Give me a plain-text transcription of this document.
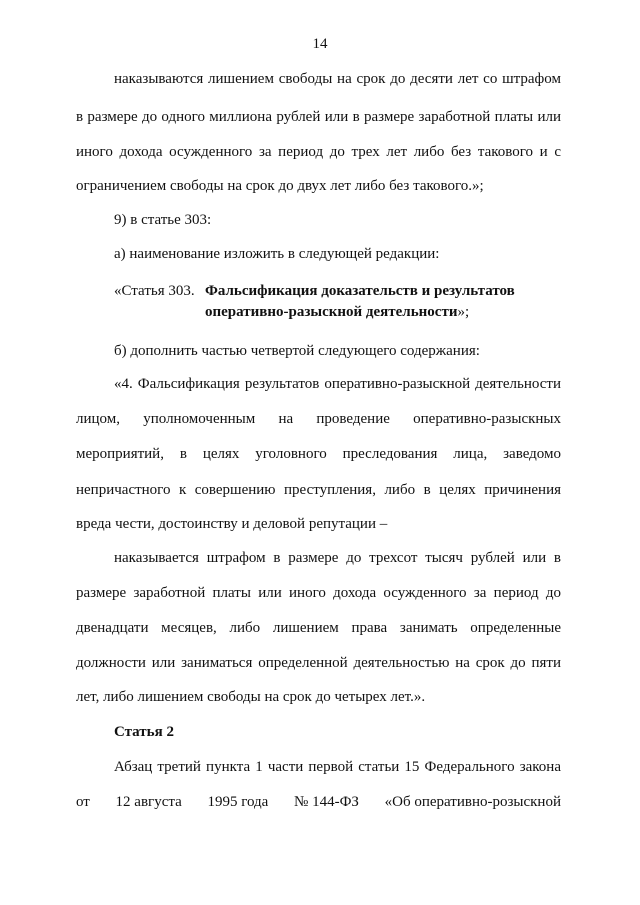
14
наказываются лишением свободы на срок до десяти лет со штрафом
в размере до одного миллиона рублей или в размере заработной платы или
иного дохода осужденного за период до трех лет либо без такового и с
ограничением свободы на срок до двух лет либо без такового.»;
9) в статье 303:
а) наименование изложить в следующей редакции:
«Статья 303. Фальсификация доказательств и результатов
оперативно-разыскной деятельности»;
б) дополнить частью четвертой следующего содержания:
«4. Фальсификация результатов оперативно-разыскной деятельности
лицом, уполномоченным на проведение оперативно-разыскных
мероприятий, в целях уголовного преследования лица, заведомо
непричастного к совершению преступления, либо в целях причинения
вреда чести, достоинству и деловой репутации –
наказывается штрафом в размере до трехсот тысяч рублей или в
размере заработной платы или иного дохода осужденного за период до
двенадцати месяцев, либо лишением права занимать определенные
должности или заниматься определенной деятельностью на срок до пяти
лет, либо лишением свободы на срок до четырех лет.».
Статья 2
Абзац третий пункта 1 части первой статьи 15 Федерального закона
от 12 августа 1995 года № 144-ФЗ «Об оперативно-розыскной
